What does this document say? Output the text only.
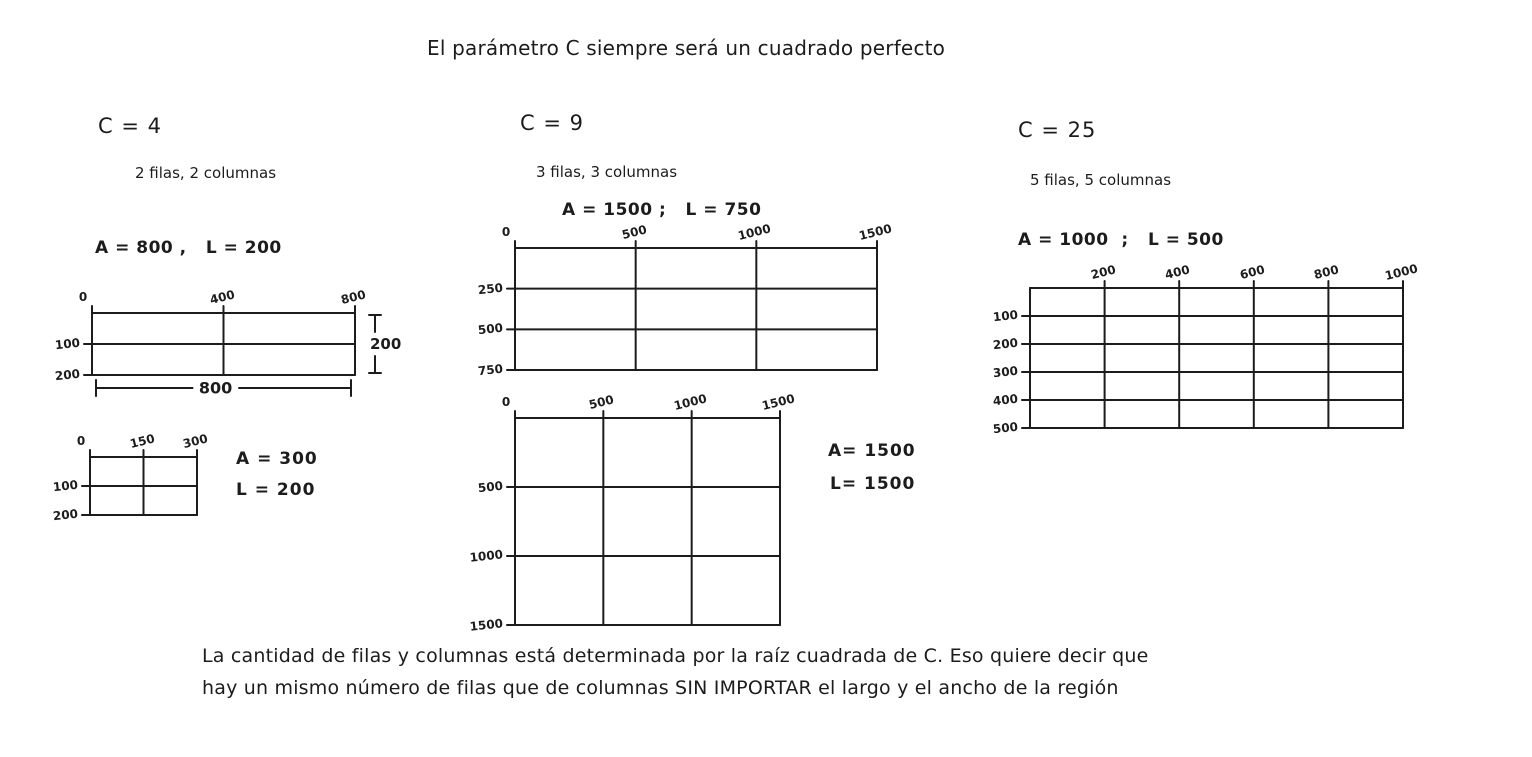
El parámetro C siempre será un cuadrado perfecto
C = 4
2 filas, 2 columnas
A = 800 ,   L = 200
0	400	800
100
200
200
800
0	150 300
100
200
A = 300
L = 200
C = 9
3 filas, 3 columnas
A = 1500 ;   L = 750
0	500	1000	1500
250
500
750
0	500	1000	1500
500
1000
1500
A= 1500
L= 1500
C = 25
5 filas, 5 columnas
A = 1000  ;   L = 500
200	400	600	800	1000
100
200
300
400
500
La cantidad de filas y columnas está determinada por la raíz cuadrada de C. Eso quiere decir que
hay un mismo número de filas que de columnas SIN IMPORTAR el largo y el ancho de la región
